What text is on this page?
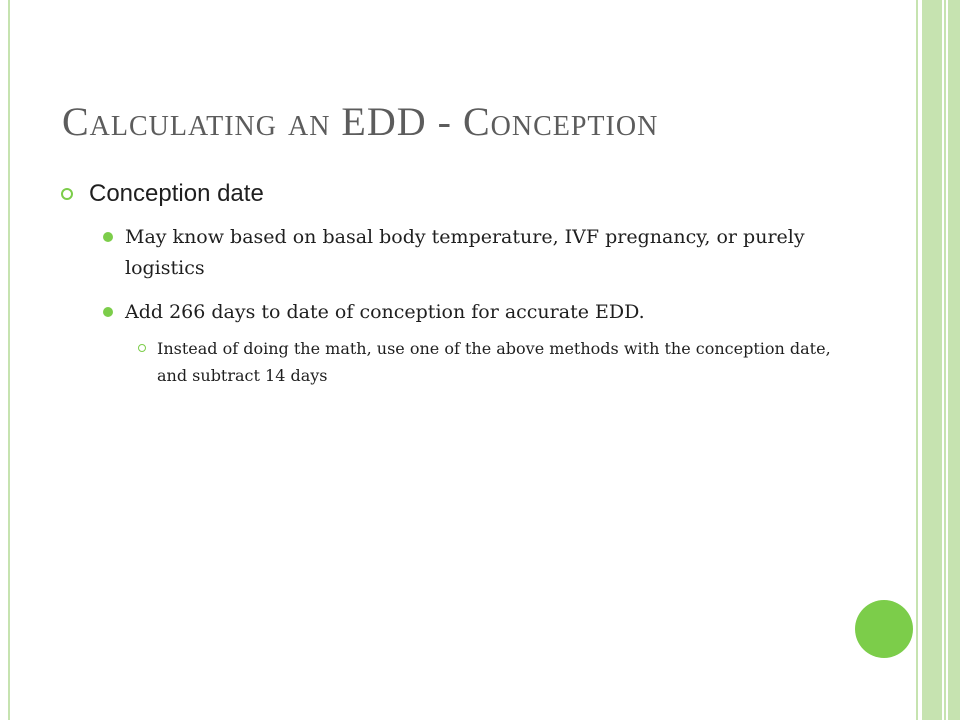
Calculating an EDD - Conception
Conception date
May know based on basal body temperature, IVF pregnancy, or purely logistics
Add 266 days to date of conception for accurate EDD.
Instead of doing the math, use one of the above methods with the conception date, and subtract 14 days
